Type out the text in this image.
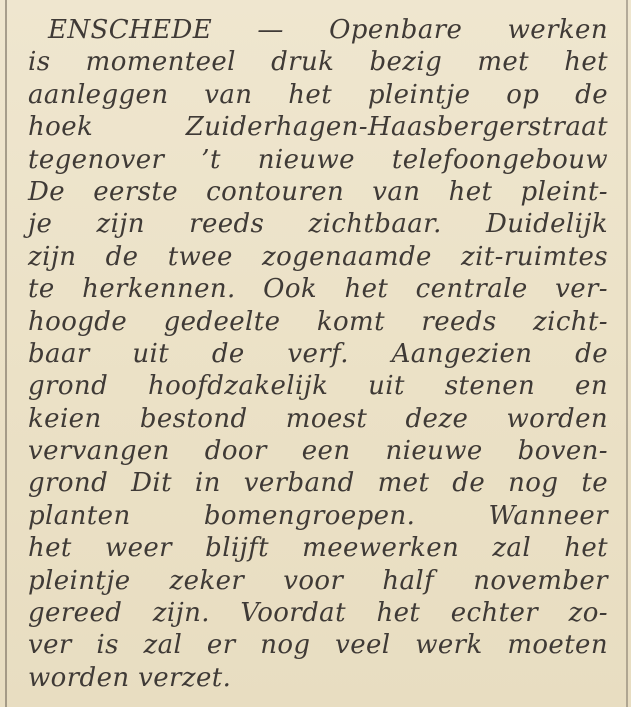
ENSCHEDE — Openbare werken
is momenteel druk bezig met het
aanleggen van het pleintje op de
hoek Zuiderhagen-Haasbergerstraat
tegenover ’t nieuwe telefoongebouw
De eerste contouren van het pleint-
je zijn reeds zichtbaar. Duidelijk
zijn de twee zogenaamde zit-ruimtes
te herkennen. Ook het centrale ver-
hoogde gedeelte komt reeds zicht-
baar uit de verf. Aangezien de
grond hoofdzakelijk uit stenen en
keien bestond moest deze worden
vervangen door een nieuwe boven-
grond Dit in verband met de nog te
planten bomengroepen. Wanneer
het weer blijft meewerken zal het
pleintje zeker voor half november
gereed zijn. Voordat het echter zo-
ver is zal er nog veel werk moeten
worden verzet.
